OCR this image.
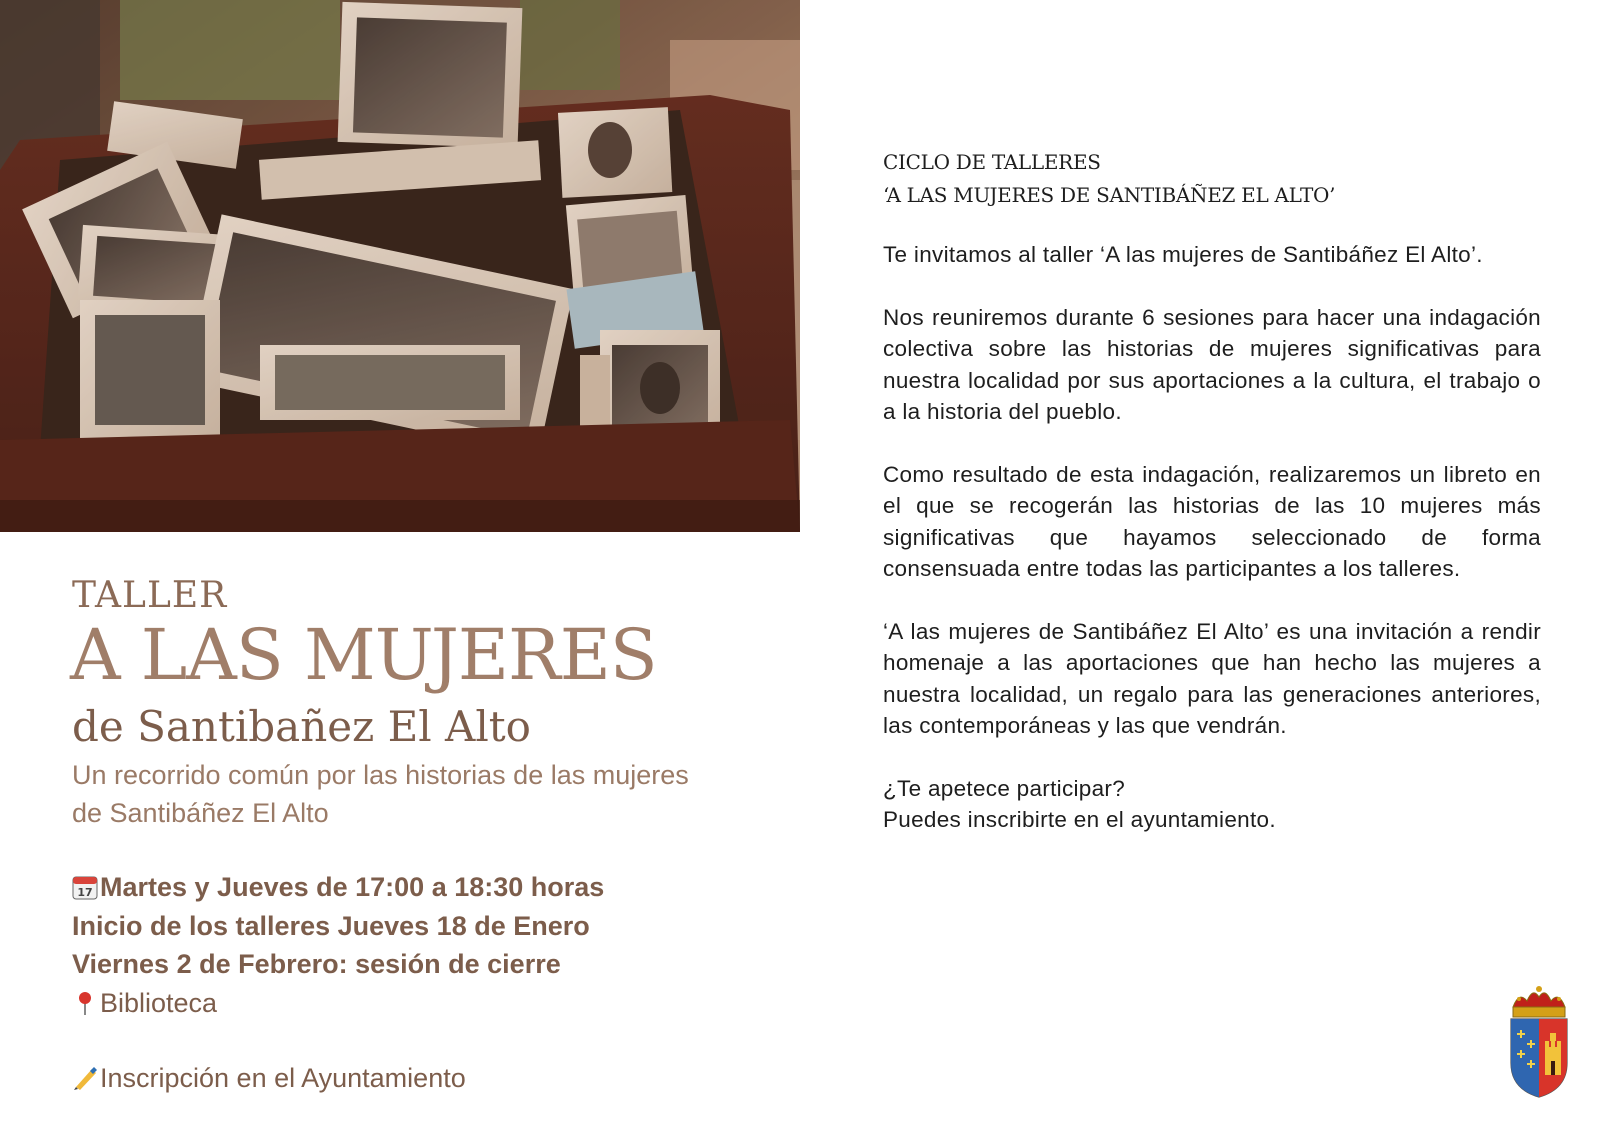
TALLER
A LAS MUJERES
de Santibañez El Alto
Un recorrido común por las historias de las mujeres de Santibáñez El Alto
17 Martes y Jueves de 17:00 a 18:30 horas
Inicio de los talleres Jueves 18 de Enero
Viernes 2 de Febrero: sesión de cierre
Biblioteca
Inscripción en el Ayuntamiento
CICLO DE TALLERES
‘A LAS MUJERES DE SANTIBÁÑEZ EL ALTO’

Te invitamos al taller ‘A las mujeres de Santibáñez El Alto’.

Nos reuniremos durante 6 sesiones para hacer una indagación colectiva sobre las historias de mujeres significativas para nuestra localidad por sus aportaciones a la cultura, el trabajo o a la historia del pueblo.

Como resultado de esta indagación, realizaremos un libreto en el que se recogerán las historias de las 10 mujeres más significativas que hayamos seleccionado de forma consensuada entre todas las participantes a los talleres.

‘A las mujeres de Santibáñez El Alto’ es una invitación a rendir homenaje a las aportaciones que han hecho las mujeres a nuestra localidad, un regalo para las generaciones anteriores, las contemporáneas y las que vendrán.

¿Te apetece participar?
Puedes inscribirte en el ayuntamiento.
